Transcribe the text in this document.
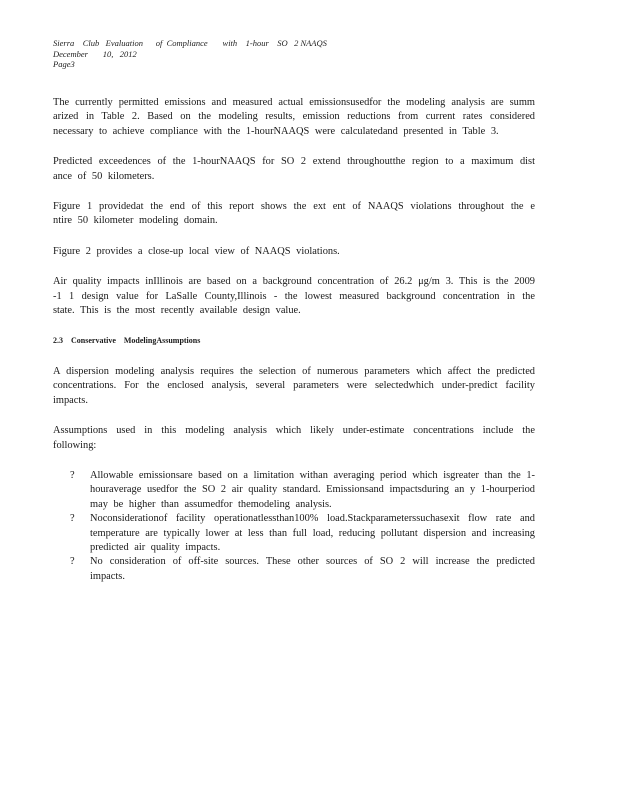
Sierra    Club   Evaluation      of  Compliance       with    1-hour    SO   2 NAAQS
December       10,   2012
Page3

The currently permitted emissions and measured actual emissionsusedfor the modeling analysis are summ arized in Table 2. Based on the modeling results, emission reductions from current rates considered necessary to achieve compliance with the 1-hourNAAQS were calculatedand presented in Table 3.

Predicted exceedences of the 1-hourNAAQS for SO 2 extend throughoutthe region to a maximum dist ance of 50 kilometers.

Figure 1 providedat the end of this report shows the ext ent of NAAQS violations throughout the e ntire 50 kilometer modeling domain.

Figure 2 provides a close-up local view of NAAQS violations.

Air quality impacts inIllinois are based on a background concentration of 26.2 μg/m 3. This is the 2009 -1 1 design value for LaSalle County,Illinois - the lowest measured background concentration in the state. This is the most recently available design value.

2.3 Conservative ModelingAssumptions

A dispersion modeling analysis requires the selection of numerous parameters which affect the predicted concentrations. For the enclosed analysis, several parameters were selectedwhich under-predict facility impacts.

Assumptions used in this modeling analysis which likely under-estimate concentrations include the following:

? Allowable emissionsare based on a limitation withan averaging period which isgreater than the 1-houraverage usedfor the SO 2 air quality standard. Emissionsand impactsduring an y 1-hourperiod may be higher than assumedfor themodeling analysis.
? Noconsiderationof facility operationatlessthan100% load.Stackparameterssuchasexit flow rate and temperature are typically lower at less than full load, reducing pollutant dispersion and increasing predicted air quality impacts.
? No consideration of off-site sources. These other sources of SO 2 will increase the predicted impacts.
